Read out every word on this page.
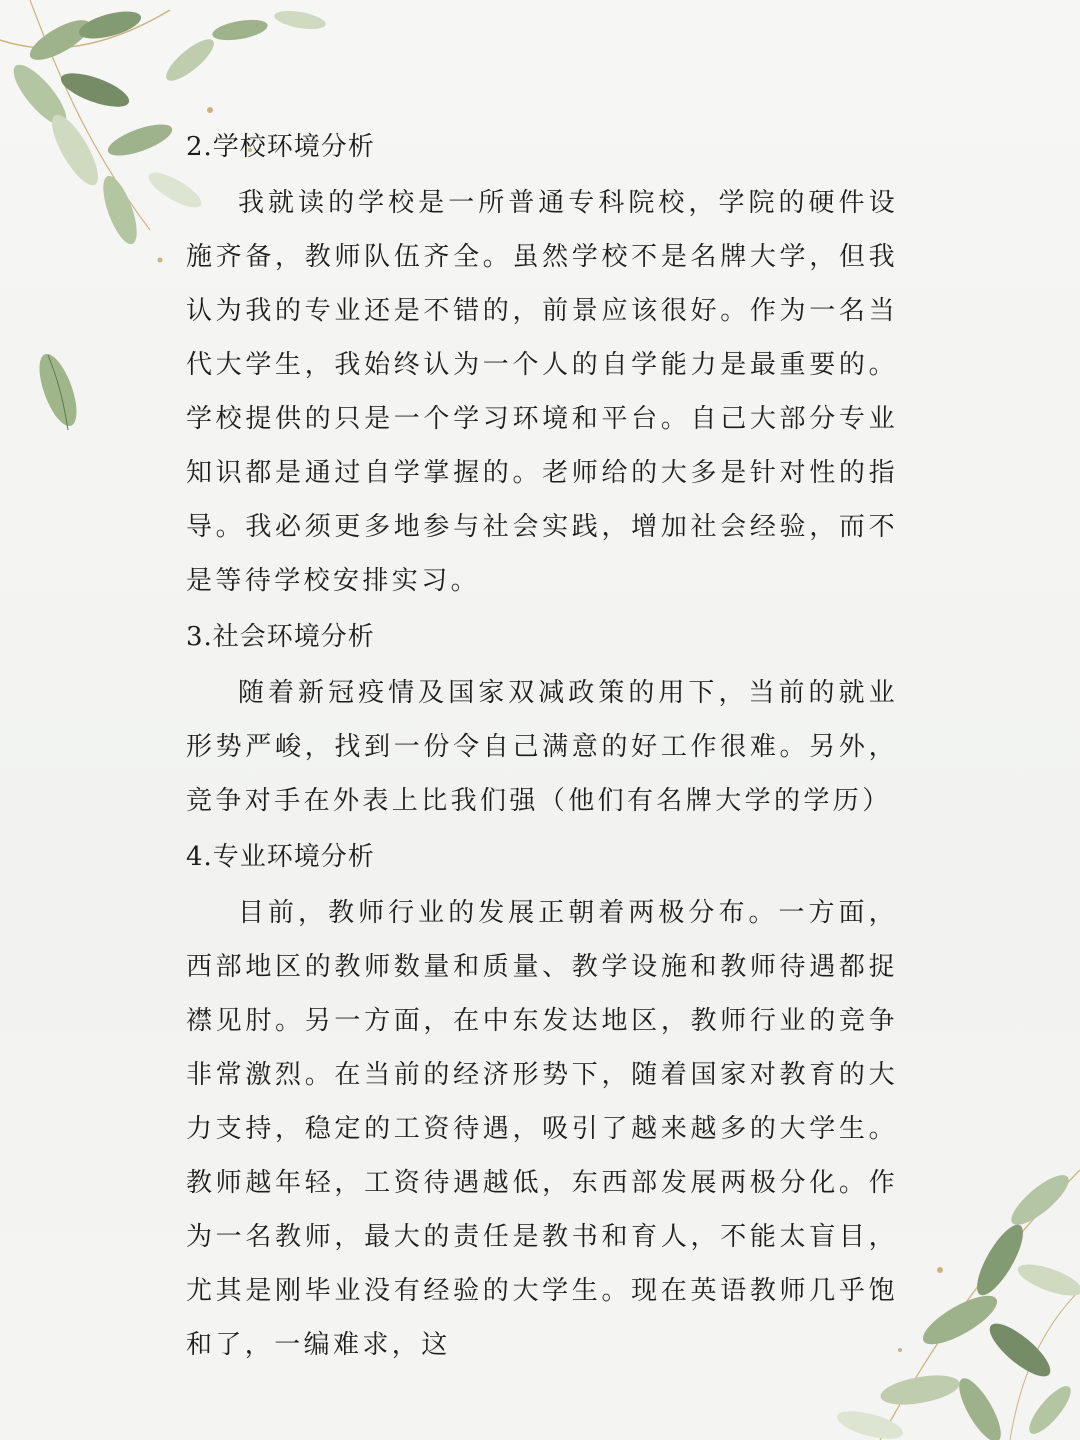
2.学校环境分析

我就读的学校是一所普通专科院校，学院的硬件设施齐备，教师队伍齐全。虽然学校不是名牌大学，但我认为我的专业还是不错的，前景应该很好。作为一名当代大学生，我始终认为一个人的自学能力是最重要的。学校提供的只是一个学习环境和平台。自己大部分专业知识都是通过自学掌握的。老师给的大多是针对性的指导。我必须更多地参与社会实践，增加社会经验，而不是等待学校安排实习。

3.社会环境分析

随着新冠疫情及国家双减政策的用下，当前的就业形势严峻，找到一份令自己满意的好工作很难。另外，竞争对手在外表上比我们强（他们有名牌大学的学历）

4.专业环境分析

目前，教师行业的发展正朝着两极分布。一方面，西部地区的教师数量和质量、教学设施和教师待遇都捉襟见肘。另一方面，在中东发达地区，教师行业的竞争非常激烈。在当前的经济形势下，随着国家对教育的大力支持，稳定的工资待遇，吸引了越来越多的大学生。教师越年轻，工资待遇越低，东西部发展两极分化。作为一名教师，最大的责任是教书和育人，不能太盲目，尤其是刚毕业没有经验的大学生。现在英语教师几乎饱和了，一编难求，这
